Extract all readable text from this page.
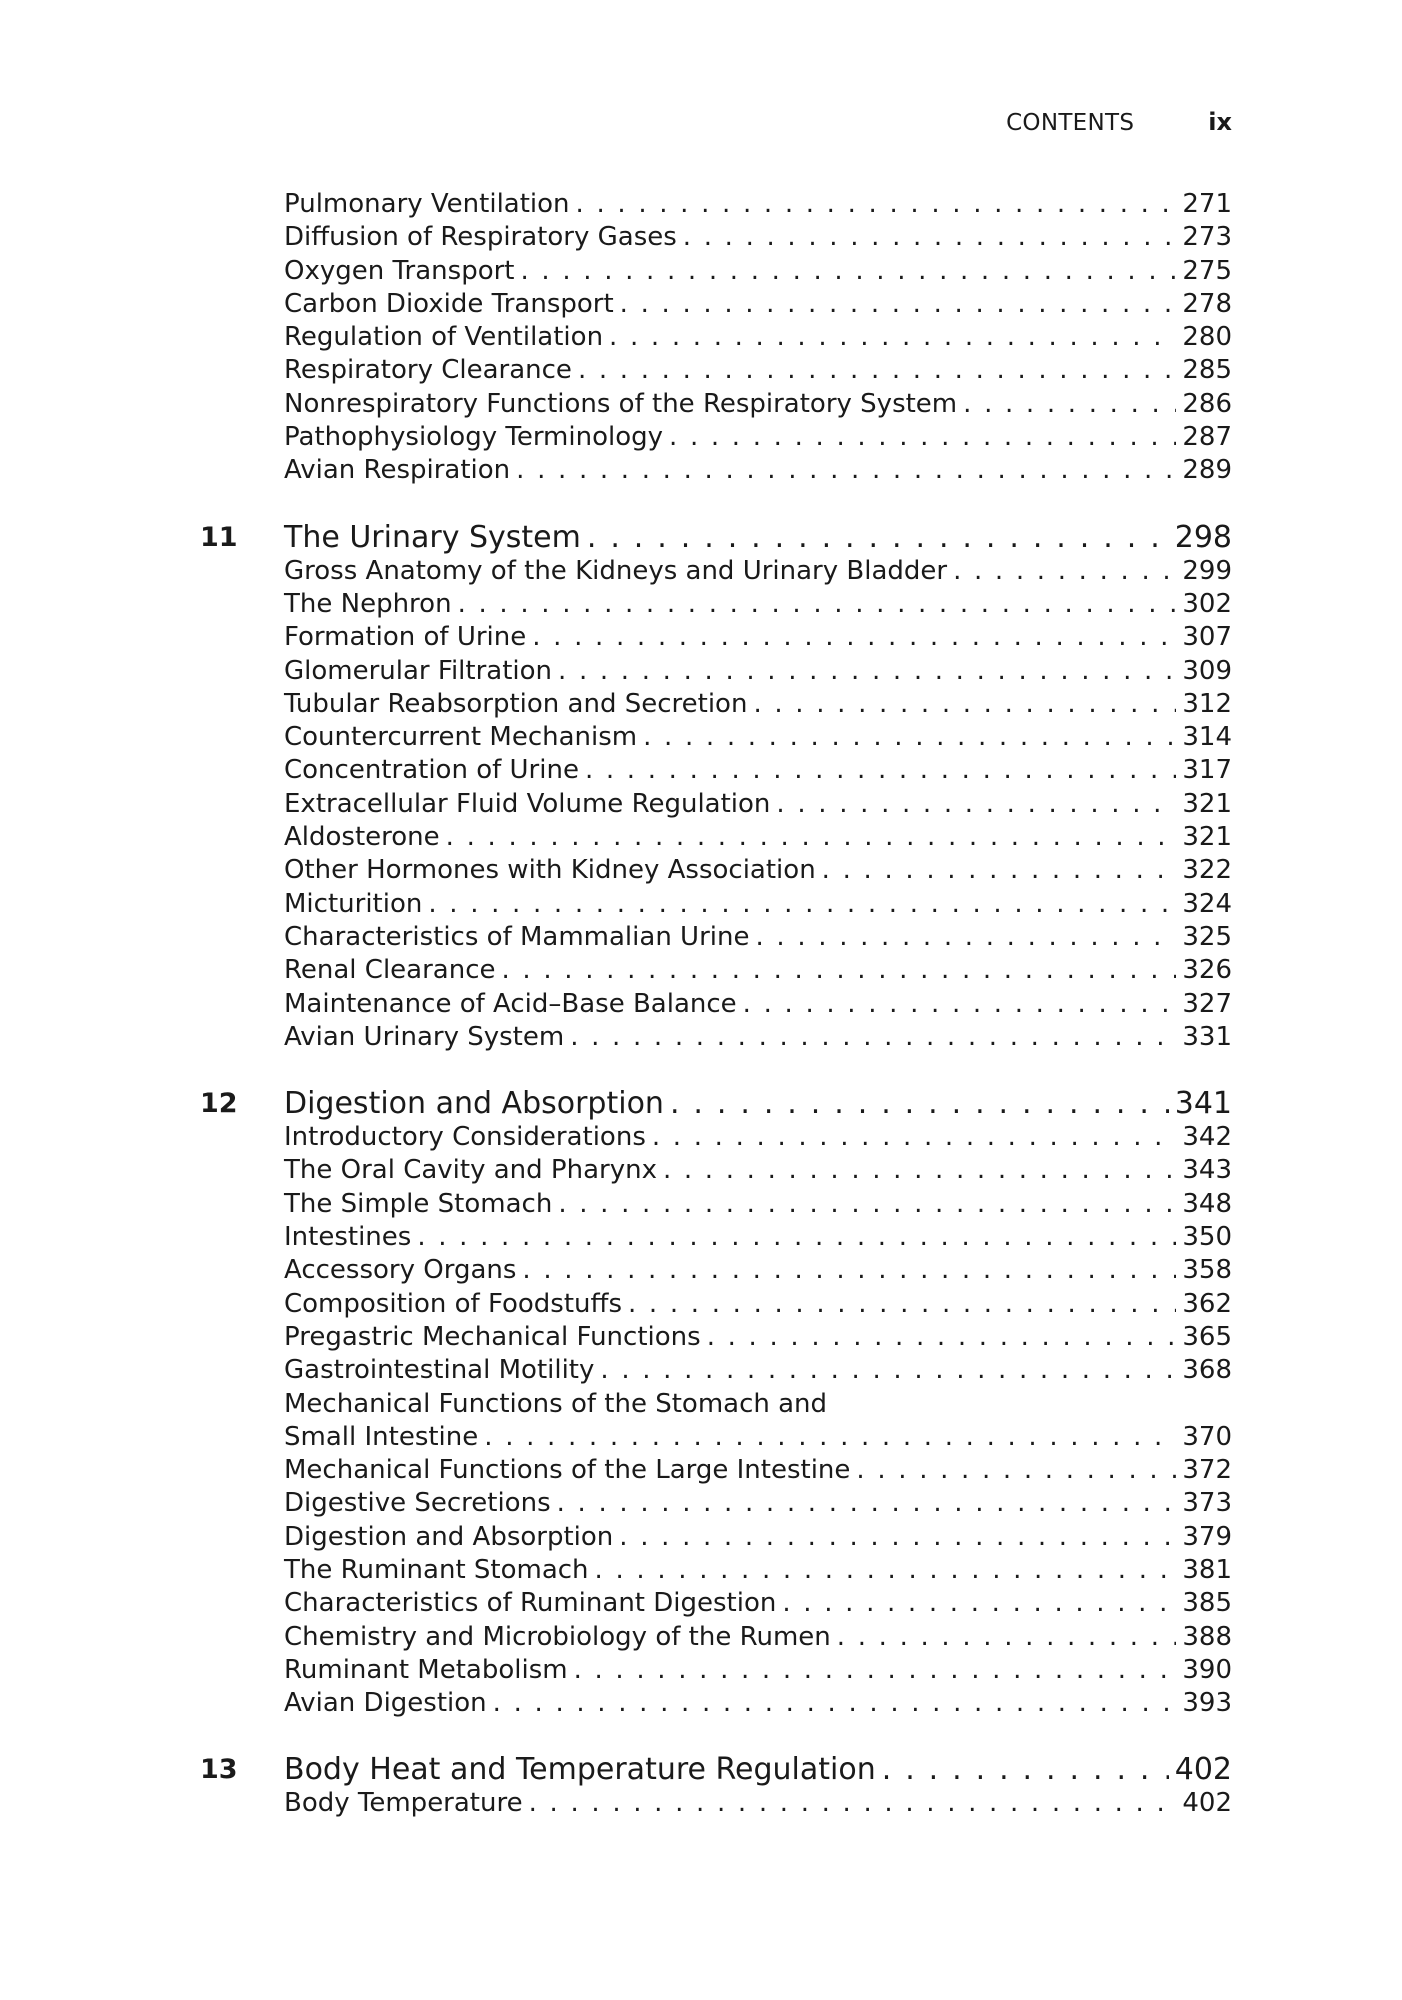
CONTENTS	ix
Pulmonary Ventilation . . .	271
Diffusion of Respiratory Gases . . .	273
Oxygen Transport . . .	275
Carbon Dioxide Transport . . .	278
Regulation of Ventilation . . .	280
Respiratory Clearance . . .	285
Nonrespiratory Functions of the Respiratory System . . .	286
Pathophysiology Terminology . . .	287
Avian Respiration . . .	289
11	The Urinary System . . .	298
Gross Anatomy of the Kidneys and Urinary Bladder . . .	299
The Nephron . . .	302
Formation of Urine . . .	307
Glomerular Filtration . . .	309
Tubular Reabsorption and Secretion . . .	312
Countercurrent Mechanism . . .	314
Concentration of Urine . . .	317
Extracellular Fluid Volume Regulation . . .	321
Aldosterone . . .	321
Other Hormones with Kidney Association . . .	322
Micturition . . .	324
Characteristics of Mammalian Urine . . .	325
Renal Clearance . . .	326
Maintenance of Acid–Base Balance . . .	327
Avian Urinary System . . .	331
12	Digestion and Absorption . . .	341
Introductory Considerations . . .	342
The Oral Cavity and Pharynx . . .	343
The Simple Stomach . . .	348
Intestines . . .	350
Accessory Organs . . .	358
Composition of Foodstuffs . . .	362
Pregastric Mechanical Functions . . .	365
Gastrointestinal Motility . . .	368
Mechanical Functions of the Stomach and
Small Intestine . . .	370
Mechanical Functions of the Large Intestine . . .	372
Digestive Secretions . . .	373
Digestion and Absorption . . .	379
The Ruminant Stomach . . .	381
Characteristics of Ruminant Digestion . . .	385
Chemistry and Microbiology of the Rumen . . .	388
Ruminant Metabolism . . .	390
Avian Digestion . . .	393
13	Body Heat and Temperature Regulation . . .	402
Body Temperature . . .	402
